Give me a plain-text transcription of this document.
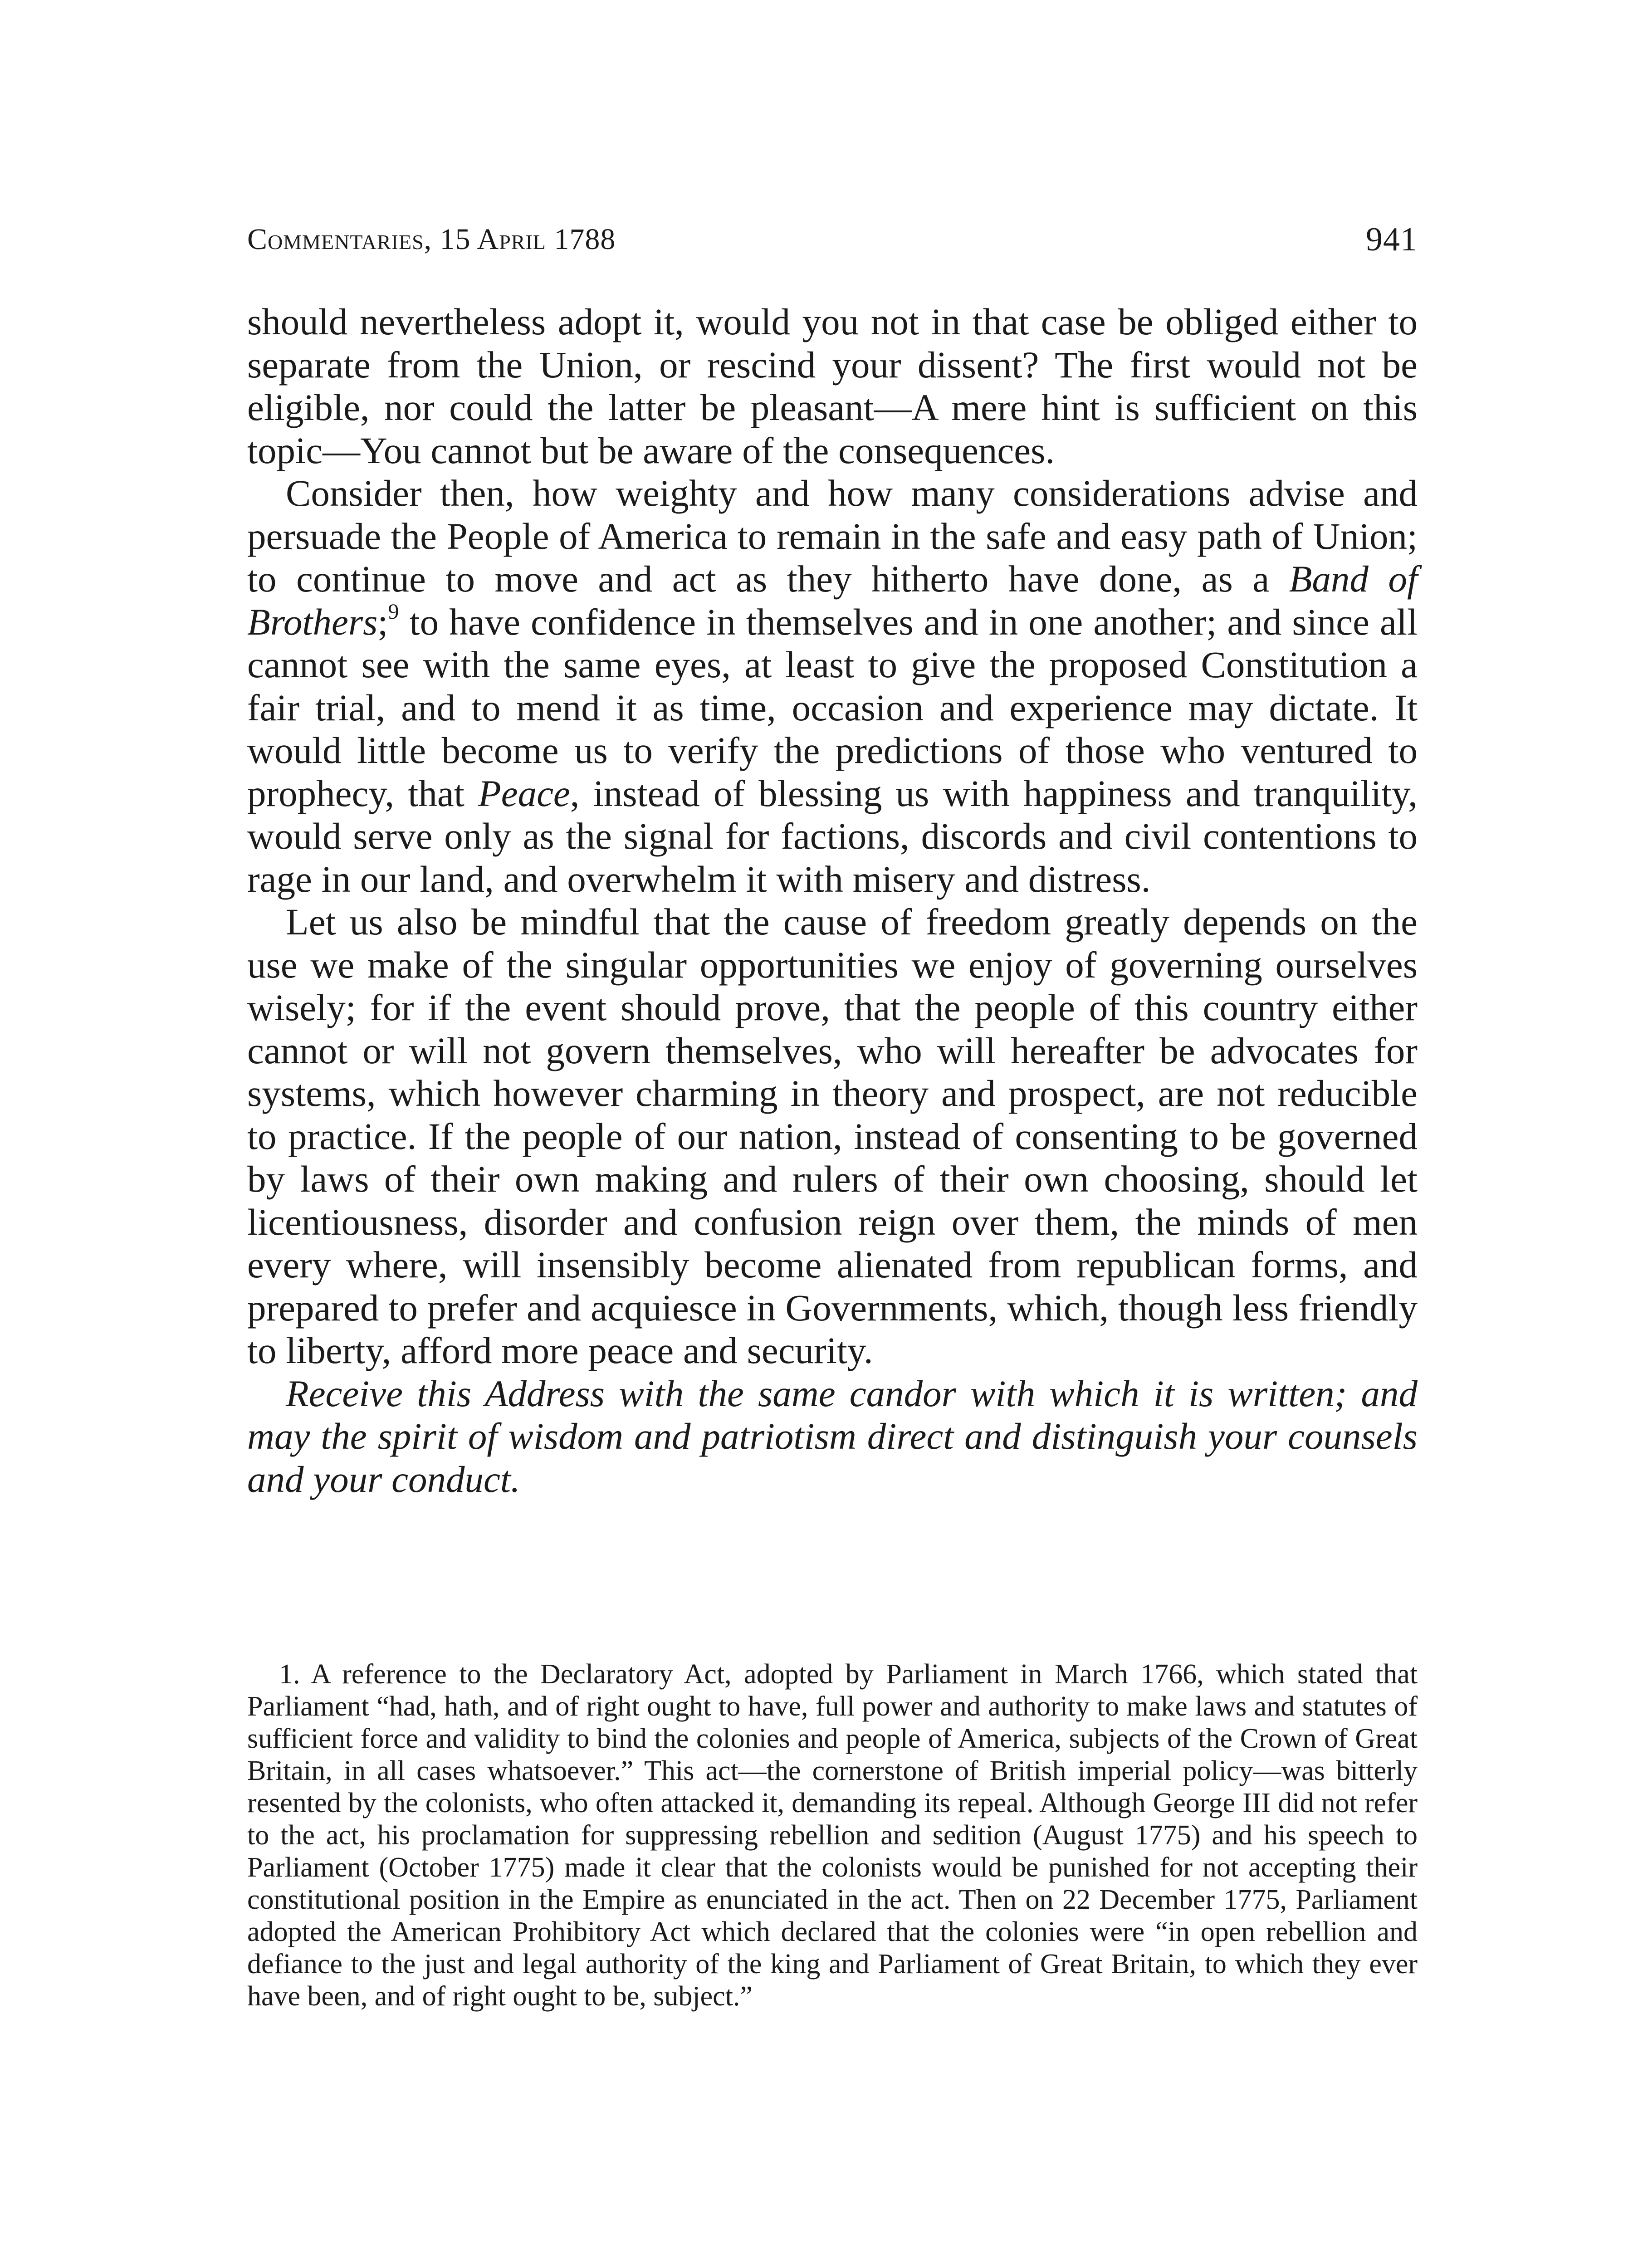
Commentaries, 15 April 1788	941

should nevertheless adopt it, would you not in that case be obliged either to separate from the Union, or rescind your dissent? The first would not be eligible, nor could the latter be pleasant—A mere hint is sufficient on this topic—You cannot but be aware of the consequences.

Consider then, how weighty and how many considerations advise and persuade the People of America to remain in the safe and easy path of Union; to continue to move and act as they hitherto have done, as a Band of Brothers;$^9$ to have confidence in themselves and in one another; and since all cannot see with the same eyes, at least to give the proposed Constitution a fair trial, and to mend it as time, occasion and experience may dictate. It would little become us to verify the predictions of those who ventured to prophecy, that Peace, instead of blessing us with happiness and tranquility, would serve only as the signal for factions, discords and civil contentions to rage in our land, and overwhelm it with misery and distress.

Let us also be mindful that the cause of freedom greatly depends on the use we make of the singular opportunities we enjoy of governing ourselves wisely; for if the event should prove, that the people of this country either cannot or will not govern themselves, who will hereafter be advocates for systems, which however charming in theory and prospect, are not reducible to practice. If the people of our nation, instead of consenting to be governed by laws of their own making and rulers of their own choosing, should let licentiousness, disorder and confusion reign over them, the minds of men every where, will insensibly become alienated from republican forms, and prepared to prefer and acquiesce in Governments, which, though less friendly to liberty, afford more peace and security.

Receive this Address with the same candor with which it is written; and may the spirit of wisdom and patriotism direct and distinguish your counsels and your conduct.

1. A reference to the Declaratory Act, adopted by Parliament in March 1766, which stated that Parliament “had, hath, and of right ought to have, full power and authority to make laws and statutes of sufficient force and validity to bind the colonies and people of America, subjects of the Crown of Great Britain, in all cases whatsoever.” This act—the cornerstone of British imperial policy—was bitterly resented by the colonists, who often attacked it, demanding its repeal. Although George III did not refer to the act, his proclamation for suppressing rebellion and sedition (August 1775) and his speech to Parliament (October 1775) made it clear that the colonists would be punished for not accepting their constitutional position in the Empire as enunciated in the act. Then on 22 December 1775, Parliament adopted the American Prohibitory Act which declared that the colonies were “in open rebellion and defiance to the just and legal authority of the king and Parliament of Great Britain, to which they ever have been, and of right ought to be, subject.”
